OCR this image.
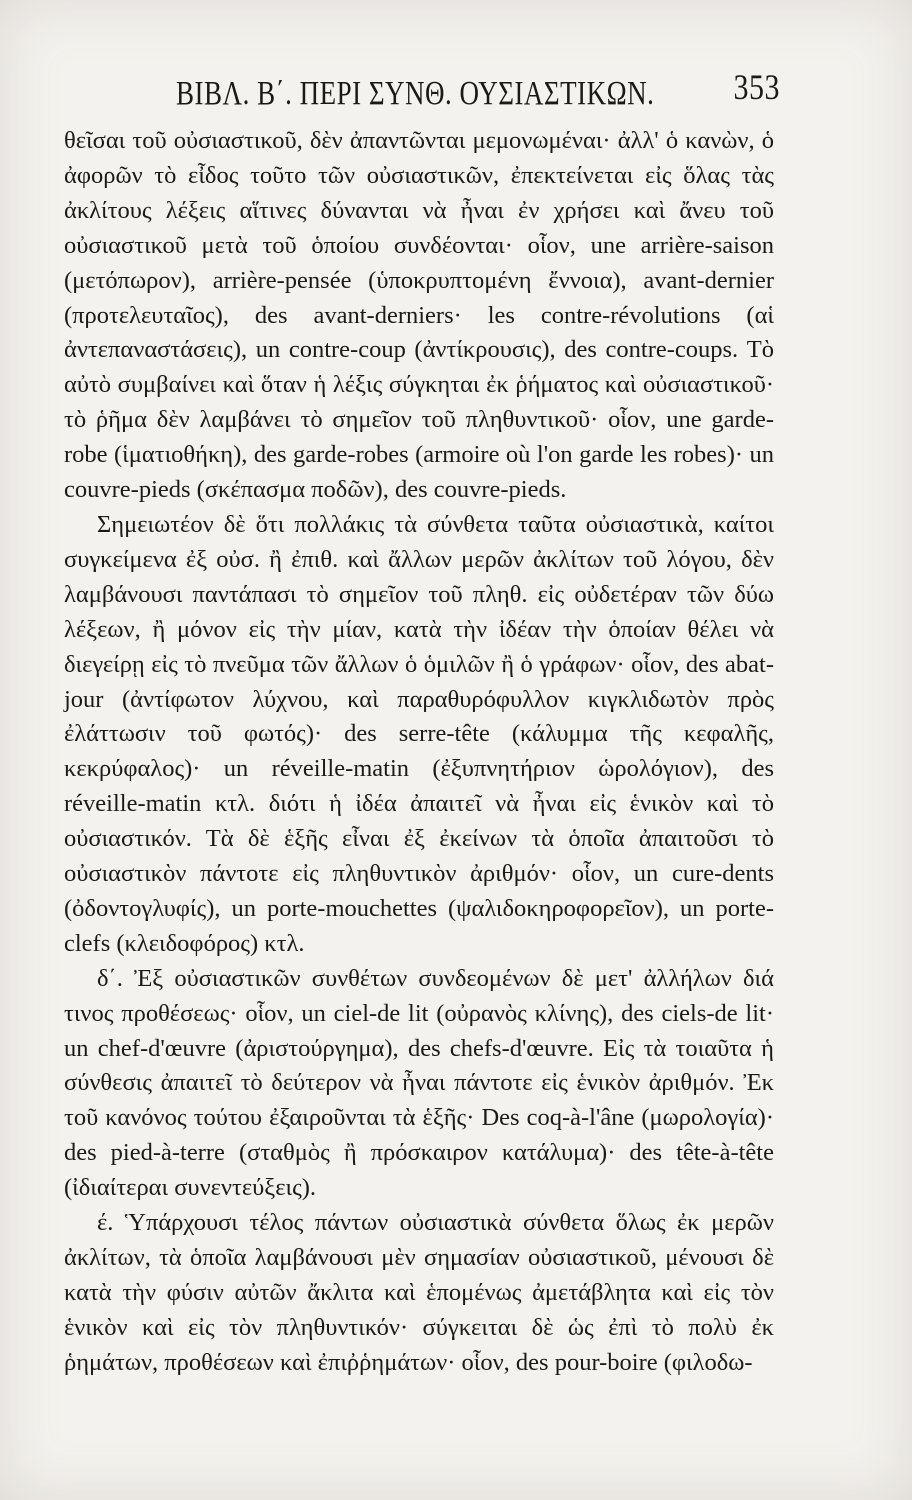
ΒΙΒΛ. Β΄. ΠΕΡΙ ΣΥΝΘ. ΟΥΣΙΑΣΤΙΚΩΝ.	353

θεῖσαι τοῦ οὐσιαστικοῦ, δὲν ἀπαντῶνται μεμονωμέναι· ἀλλ' ὁ κανὼν, ὁ ἀφορῶν τὸ εἶδος τοῦτο τῶν οὐσιαστικῶν, ἐπεκτείνεται εἰς ὅλας τὰς ἀκλίτους λέξεις αἵτινες δύνανται νὰ ἦναι ἐν χρήσει καὶ ἄνευ τοῦ οὐσιαστικοῦ μετὰ τοῦ ὁποίου συνδέονται· οἷον, une arrière-saison (μετόπωρον), arrière-pensée (ὑποκρυπτομένη ἔννοια), avant-dernier (προτελευταῖος), des avant-derniers· les contre-révolutions (αἱ ἀντεπαναστάσεις), un contre-coup (ἀντίκρουσις), des contre-coups. Τὸ αὐτὸ συμβαίνει καὶ ὅταν ἡ λέξις σύγκηται ἐκ ῥήματος καὶ οὐσιαστικοῦ· τὸ ῥῆμα δὲν λαμβάνει τὸ σημεῖον τοῦ πληθυντικοῦ· οἷον, une garde-robe (ἱματιοθήκη), des garde-robes (armoire où l'on garde les robes)· un couvre-pieds (σκέπασμα ποδῶν), des couvre-pieds.

Σημειωτέον δὲ ὅτι πολλάκις τὰ σύνθετα ταῦτα οὐσιαστικὰ, καίτοι συγκείμενα ἐξ οὐσ. ἢ ἐπιθ. καὶ ἄλλων μερῶν ἀκλίτων τοῦ λόγου, δὲν λαμβάνουσι παντάπασι τὸ σημεῖον τοῦ πληθ. εἰς οὐδετέραν τῶν δύω λέξεων, ἢ μόνον εἰς τὴν μίαν, κατὰ τὴν ἰδέαν τὴν ὁποίαν θέλει νὰ διεγείρῃ εἰς τὸ πνεῦμα τῶν ἄλλων ὁ ὁμιλῶν ἢ ὁ γράφων· οἷον, des abat-jour (ἀντίφωτον λύχνου, καὶ παραθυρόφυλλον κιγκλιδωτὸν πρὸς ἐλάττωσιν τοῦ φωτός)· des serre-tête (κάλυμμα τῆς κεφαλῆς, κεκρύφαλος)· un réveille-matin (ἐξυπνητήριον ὡρολόγιον), des réveille-matin κτλ. διότι ἡ ἰδέα ἀπαιτεῖ νὰ ἦναι εἰς ἑνικὸν καὶ τὸ οὐσιαστικόν. Τὰ δὲ ἑξῆς εἶναι ἐξ ἐκείνων τὰ ὁποῖα ἀπαιτοῦσι τὸ οὐσιαστικὸν πάντοτε εἰς πληθυντικὸν ἀριθμόν· οἷον, un cure-dents (ὀδοντογλυφίς), un porte-mouchettes (ψαλιδοκηροφορεῖον), un porte-clefs (κλειδοφόρος) κτλ.

δ΄. Ἐξ οὐσιαστικῶν συνθέτων συνδεομένων δὲ μετ' ἀλλήλων διά τινος προθέσεως· οἷον, un ciel-de lit (οὐρανὸς κλίνης), des ciels-de lit· un chef-d'œuvre (ἀριστούργημα), des chefs-d'œuvre. Εἰς τὰ τοιαῦτα ἡ σύνθεσις ἀπαιτεῖ τὸ δεύτερον νὰ ἦναι πάντοτε εἰς ἑνικὸν ἀριθμόν. Ἐκ τοῦ κανόνος τούτου ἐξαιροῦνται τὰ ἑξῆς· Des coq-à-l'âne (μωρολογία)· des pied-à-terre (σταθμὸς ἢ πρόσκαιρον κατάλυμα)· des tête-à-tête (ἰδιαίτεραι συνεντεύξεις).

έ. Ὑπάρχουσι τέλος πάντων οὐσιαστικὰ σύνθετα ὅλως ἐκ μερῶν ἀκλίτων, τὰ ὁποῖα λαμβάνουσι μὲν σημασίαν οὐσιαστικοῦ, μένουσι δὲ κατὰ τὴν φύσιν αὐτῶν ἄκλιτα καὶ ἑπομένως ἀμετάβλητα καὶ εἰς τὸν ἑνικὸν καὶ εἰς τὸν πληθυντικόν· σύγκειται δὲ ὡς ἐπὶ τὸ πολὺ ἐκ ῥημάτων, προθέσεων καὶ ἐπιῤῥημάτων· οἷον, des pour-boire (φιλοδω-
